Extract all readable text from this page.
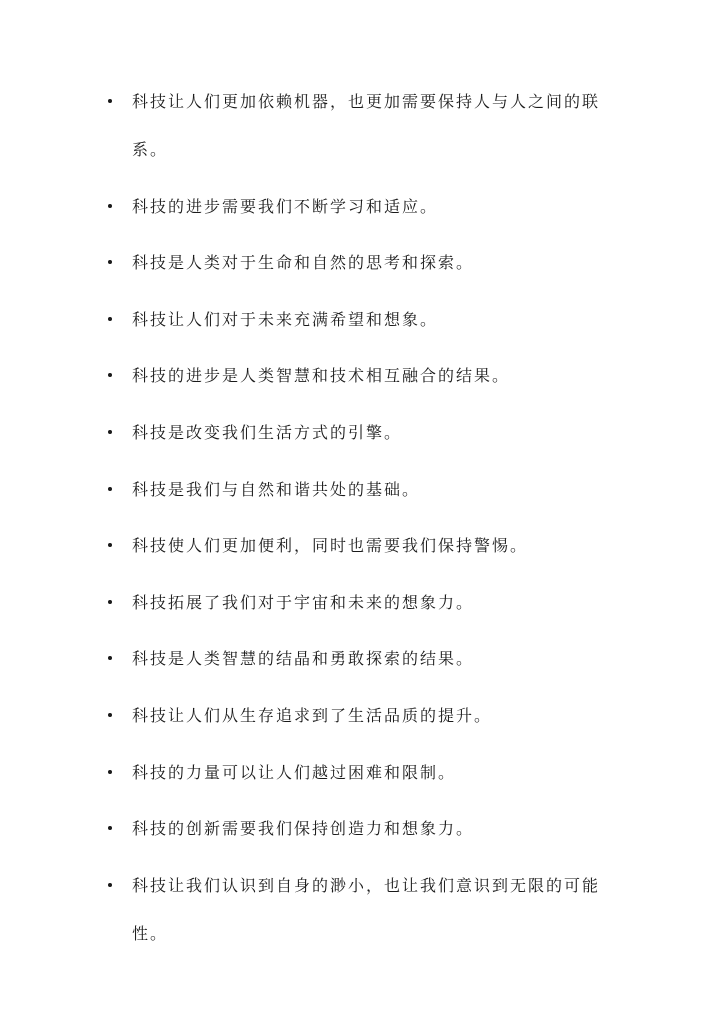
科技让人们更加依赖机器，也更加需要保持人与人之间的联系。
科技的进步需要我们不断学习和适应。
科技是人类对于生命和自然的思考和探索。
科技让人们对于未来充满希望和想象。
科技的进步是人类智慧和技术相互融合的结果。
科技是改变我们生活方式的引擎。
科技是我们与自然和谐共处的基础。
科技使人们更加便利，同时也需要我们保持警惕。
科技拓展了我们对于宇宙和未来的想象力。
科技是人类智慧的结晶和勇敢探索的结果。
科技让人们从生存追求到了生活品质的提升。
科技的力量可以让人们越过困难和限制。
科技的创新需要我们保持创造力和想象力。
科技让我们认识到自身的渺小，也让我们意识到无限的可能性。
